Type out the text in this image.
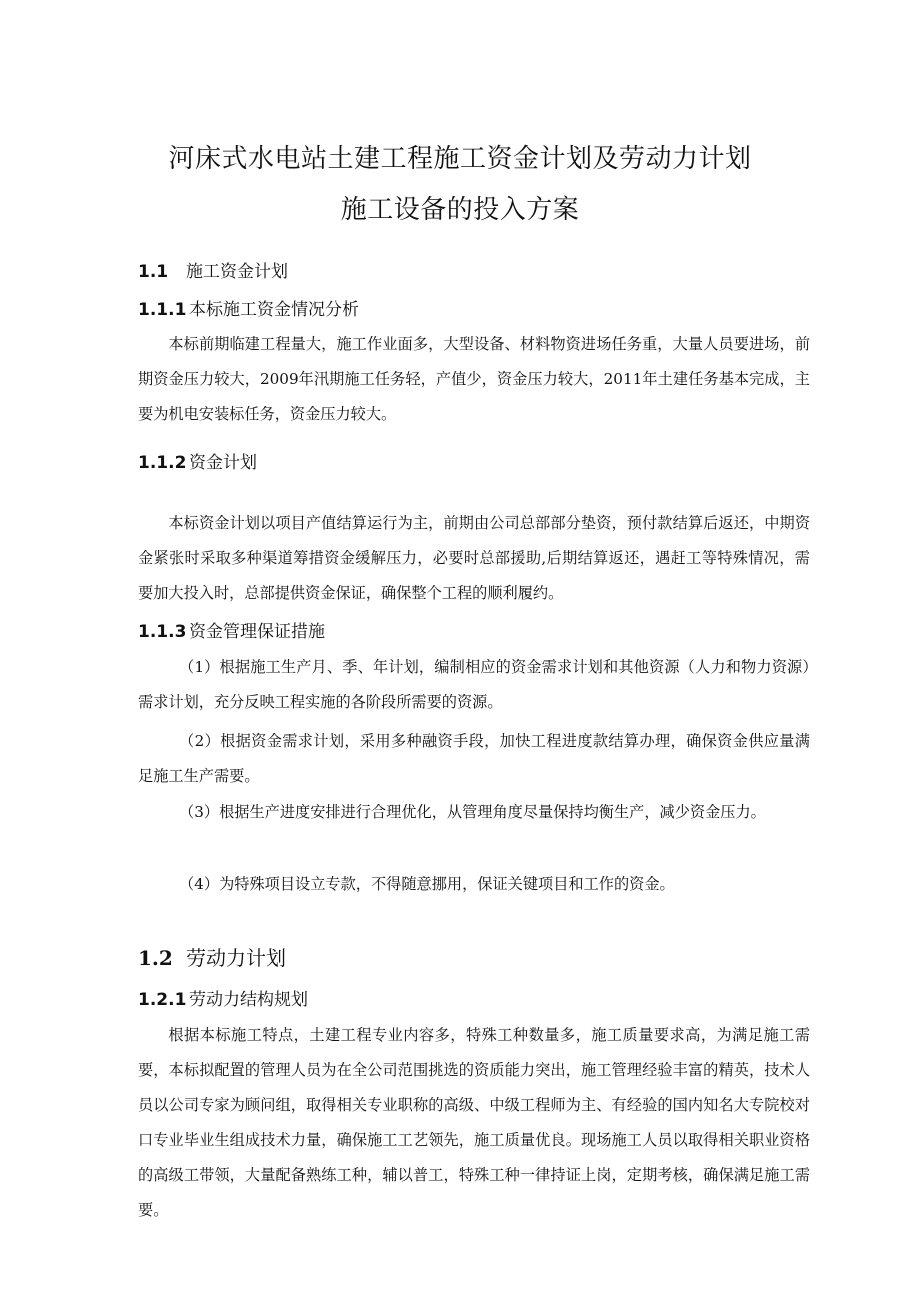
河床式水电站土建工程施工资金计划及劳动力计划
施工设备的投入方案
1.1 施工资金计划
1.1.1 本标施工资金情况分析

本标前期临建工程量大，施工作业面多，大型设备、材料物资进场任务重，大量人员要进场，前期资金压力较大，2009年汛期施工任务轻，产值少，资金压力较大，2011年土建任务基本完成，主要为机电安装标任务，资金压力较大。

1.1.2 资金计划

本标资金计划以项目产值结算运行为主，前期由公司总部部分垫资，预付款结算后返还，中期资金紧张时采取多种渠道筹措资金缓解压力，必要时总部援助,后期结算返还，遇赶工等特殊情况，需要加大投入时，总部提供资金保证，确保整个工程的顺利履约。

1.1.3 资金管理保证措施

（1）根据施工生产月、季、年计划，编制相应的资金需求计划和其他资源（人力和物力资源）需求计划，充分反映工程实施的各阶段所需要的资源。

（2）根据资金需求计划，采用多种融资手段，加快工程进度款结算办理，确保资金供应量满足施工生产需要。

（3）根据生产进度安排进行合理优化，从管理角度尽量保持均衡生产，减少资金压力。

（4）为特殊项目设立专款，不得随意挪用，保证关键项目和工作的资金。

1.2 劳动力计划
1.2.1 劳动力结构规划

根据本标施工特点，土建工程专业内容多，特殊工种数量多，施工质量要求高，为满足施工需要，本标拟配置的管理人员为在全公司范围挑选的资质能力突出，施工管理经验丰富的精英，技术人员以公司专家为顾问组，取得相关专业职称的高级、中级工程师为主、有经验的国内知名大专院校对口专业毕业生组成技术力量，确保施工工艺领先，施工质量优良。现场施工人员以取得相关职业资格的高级工带领，大量配备熟练工种，辅以普工，特殊工种一律持证上岗，定期考核，确保满足施工需要。
